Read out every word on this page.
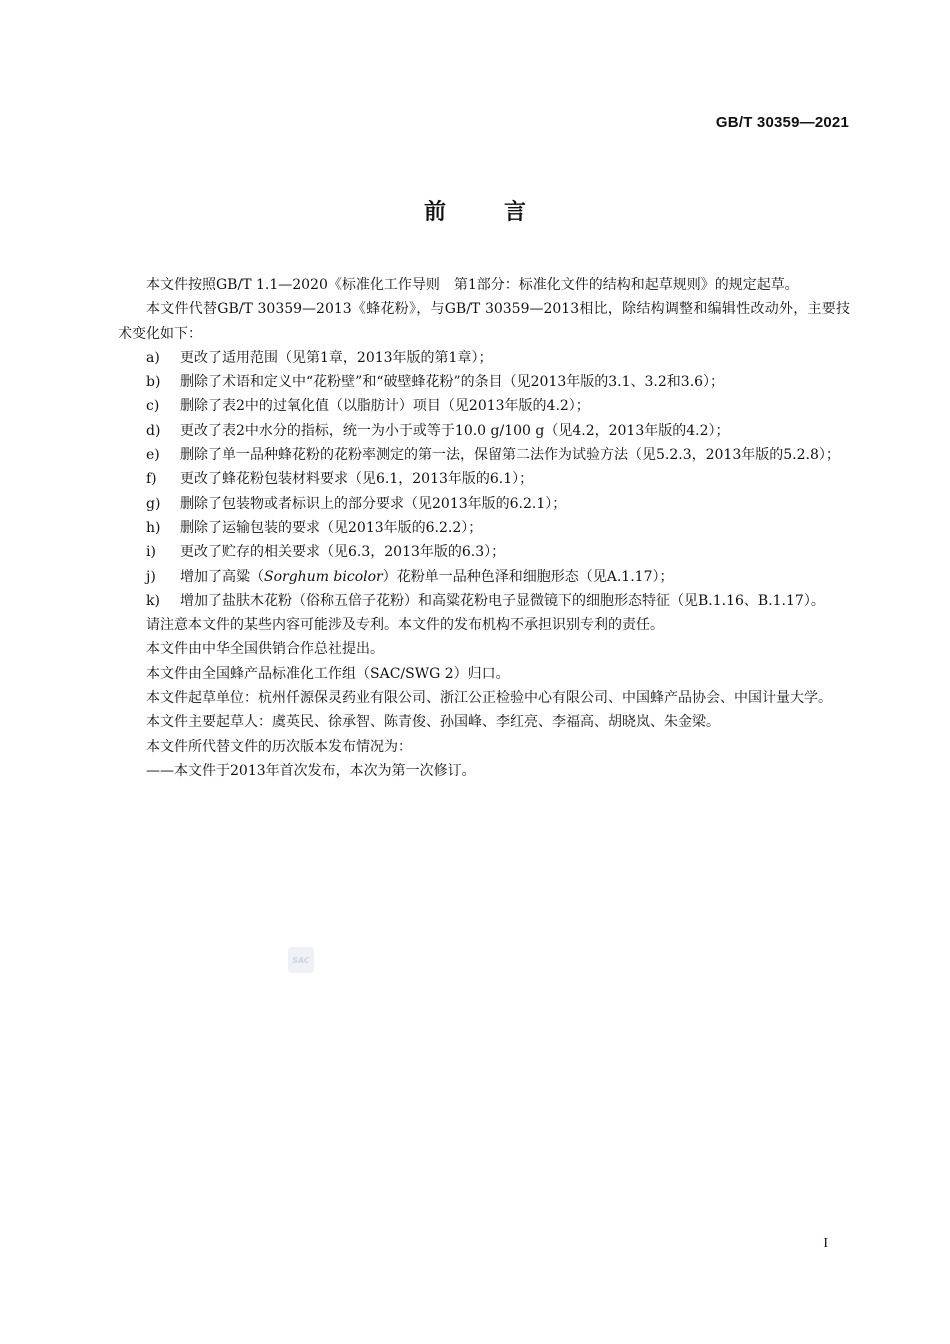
GB/T 30359—2021
前言

本文件按照GB/T 1.1—2020《标准化工作导则　第1部分：标准化文件的结构和起草规则》的规定起草。

本文件代替GB/T 30359—2013《蜂花粉》，与GB/T 30359—2013相比，除结构调整和编辑性改动外，主要技术变化如下：

a)	更改了适用范围（见第1章，2013年版的第1章）；
b)	删除了术语和定义中“花粉壁”和“破壁蜂花粉”的条目（见2013年版的3.1、3.2和3.6）；
c)	删除了表2中的过氧化值（以脂肪计）项目（见2013年版的4.2）；
d)	更改了表2中水分的指标，统一为小于或等于10.0 g/100 g（见4.2，2013年版的4.2）；
e)	删除了单一品种蜂花粉的花粉率测定的第一法，保留第二法作为试验方法（见5.2.3，2013年版的5.2.8）；
f)	更改了蜂花粉包装材料要求（见6.1，2013年版的6.1）；
g)	删除了包装物或者标识上的部分要求（见2013年版的6.2.1）；
h)	删除了运输包装的要求（见2013年版的6.2.2）；
i)	更改了贮存的相关要求（见6.3，2013年版的6.3）；
j)	增加了高粱（Sorghum bicolor）花粉单一品种色泽和细胞形态（见A.1.17）；
k)	增加了盐肤木花粉（俗称五倍子花粉）和高粱花粉电子显微镜下的细胞形态特征（见B.1.16、B.1.17）。

请注意本文件的某些内容可能涉及专利。本文件的发布机构不承担识别专利的责任。

本文件由中华全国供销合作总社提出。

本文件由全国蜂产品标准化工作组（SAC/SWG 2）归口。

本文件起草单位：杭州仟源保灵药业有限公司、浙江公正检验中心有限公司、中国蜂产品协会、中国计量大学。

本文件主要起草人：虞英民、徐承智、陈青俊、孙国峰、李红亮、李福高、胡晓岚、朱金梁。

本文件所代替文件的历次版本发布情况为：

——本文件于2013年首次发布，本次为第一次修订。

SAC
I
